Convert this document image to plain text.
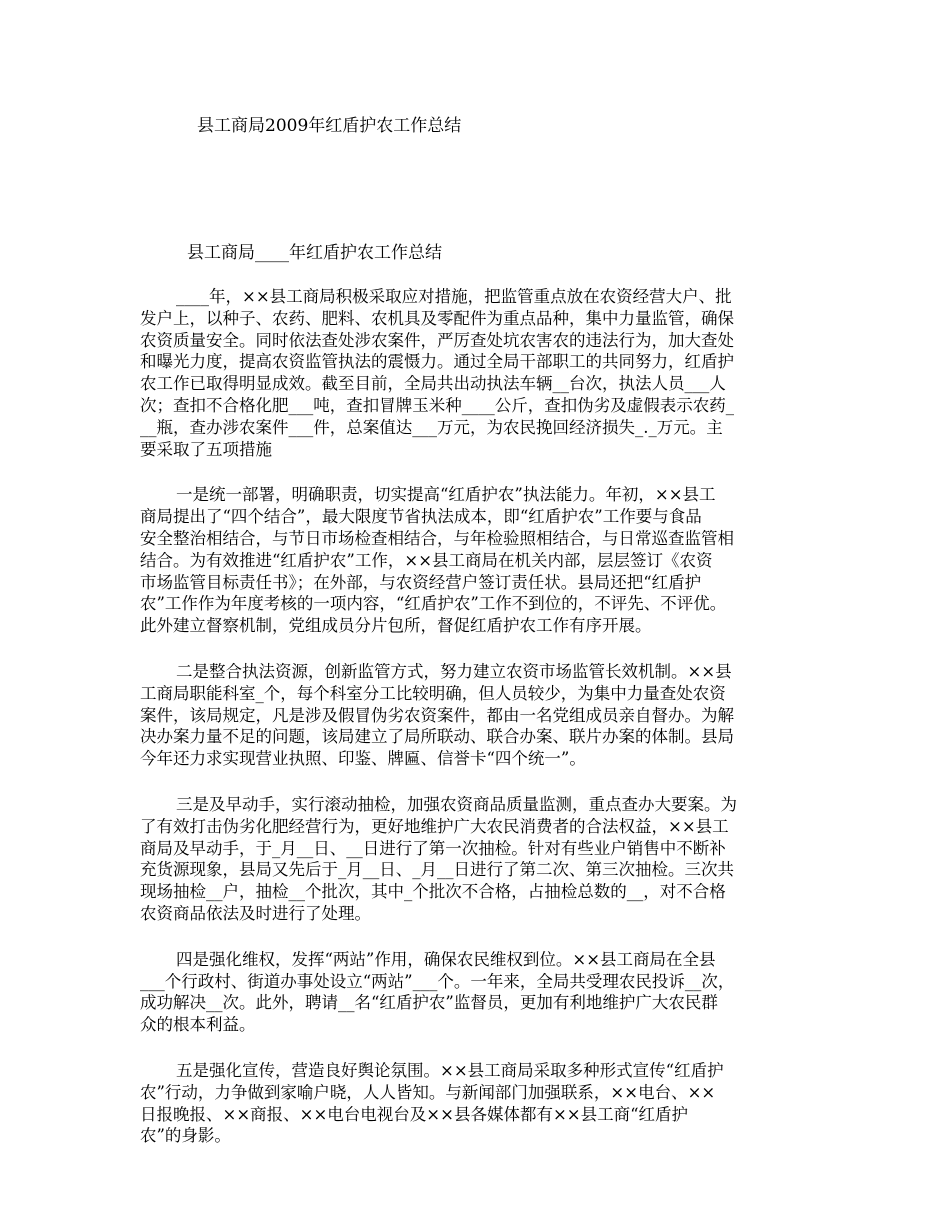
县工商局2009年红盾护农工作总结
县工商局____年红盾护农工作总结
____年，××县工商局积极采取应对措施，把监管重点放在农资经营大户、批
发户上，以种子、农药、肥料、农机具及零配件为重点品种，集中力量监管，确保
农资质量安全。同时依法查处涉农案件，严厉查处坑农害农的违法行为，加大查处
和曝光力度，提高农资监管执法的震慑力。通过全局干部职工的共同努力，红盾护
农工作已取得明显成效。截至目前，全局共出动执法车辆__台次，执法人员___人
次；查扣不合格化肥___吨，查扣冒牌玉米种____公斤，查扣伪劣及虚假表示农药_
__瓶，查办涉农案件___件，总案值达___万元，为农民挽回经济损失_._万元。主
要采取了五项措施
一是统一部署，明确职责，切实提高“红盾护农”执法能力。年初，××县工
商局提出了“四个结合”，最大限度节省执法成本，即“红盾护农”工作要与食品
安全整治相结合，与节日市场检查相结合，与年检验照相结合，与日常巡查监管相
结合。为有效推进“红盾护农”工作，××县工商局在机关内部，层层签订《农资
市场监管目标责任书》；在外部，与农资经营户签订责任状。县局还把“红盾护
农”工作作为年度考核的一项内容，“红盾护农”工作不到位的，不评先、不评优。
此外建立督察机制，党组成员分片包所，督促红盾护农工作有序开展。
二是整合执法资源，创新监管方式，努力建立农资市场监管长效机制。××县
工商局职能科室_个，每个科室分工比较明确，但人员较少，为集中力量查处农资
案件，该局规定，凡是涉及假冒伪劣农资案件，都由一名党组成员亲自督办。为解
决办案力量不足的问题，该局建立了局所联动、联合办案、联片办案的体制。县局
今年还力求实现营业执照、印鉴、牌匾、信誉卡“四个统一”。
三是及早动手，实行滚动抽检，加强农资商品质量监测，重点查办大要案。为
了有效打击伪劣化肥经营行为，更好地维护广大农民消费者的合法权益，××县工
商局及早动手，于_月__日、__日进行了第一次抽检。针对有些业户销售中不断补
充货源现象，县局又先后于_月__日、_月__日进行了第二次、第三次抽检。三次共
现场抽检__户，抽检__个批次，其中_个批次不合格，占抽检总数的__，对不合格
农资商品依法及时进行了处理。
四是强化维权，发挥“两站”作用，确保农民维权到位。××县工商局在全县
___个行政村、街道办事处设立“两站”___个。一年来，全局共受理农民投诉__次，
成功解决__次。此外，聘请__名“红盾护农”监督员，更加有利地维护广大农民群
众的根本利益。
五是强化宣传，营造良好舆论氛围。××县工商局采取多种形式宣传“红盾护
农”行动，力争做到家喻户晓，人人皆知。与新闻部门加强联系，××电台、××
日报晚报、××商报、××电台电视台及××县各媒体都有××县工商“红盾护
农”的身影。
